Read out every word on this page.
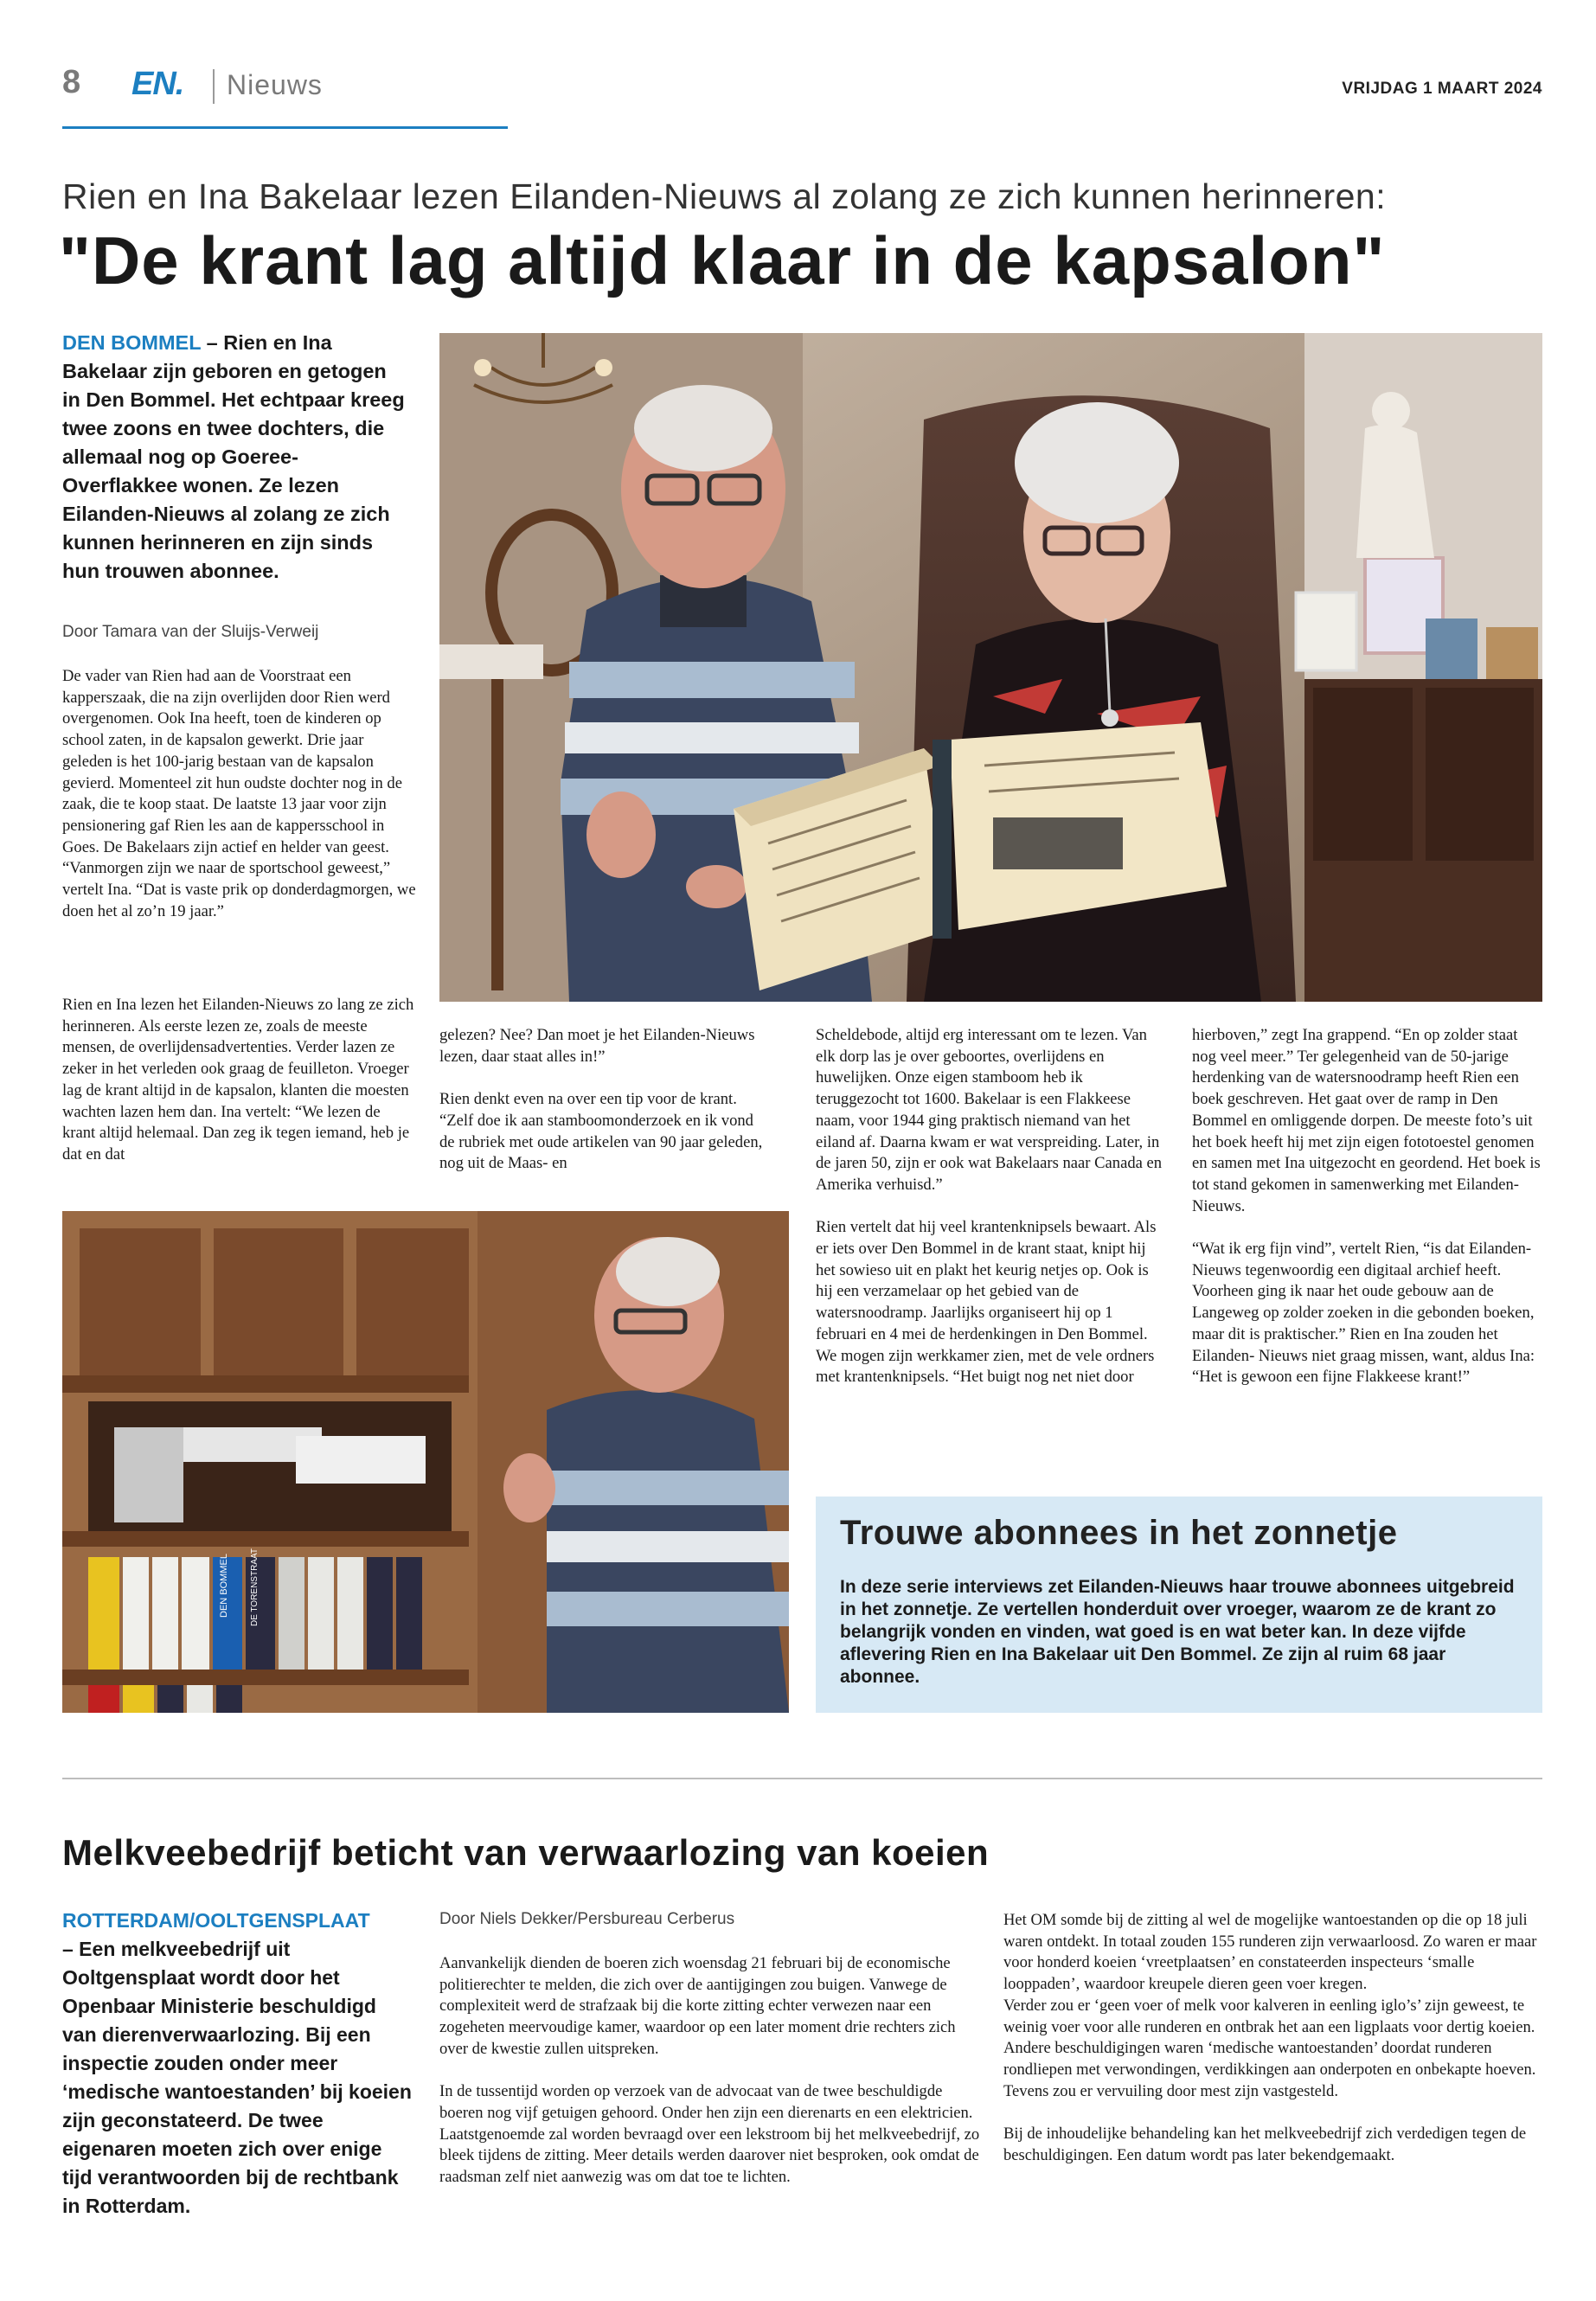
8 EN. Nieuws	VRIJDAG 1 MAART 2024
Rien en Ina Bakelaar lezen Eilanden-Nieuws al zolang ze zich kunnen herinneren:
"De krant lag altijd klaar in de kapsalon"
DEN BOMMEL – Rien en Ina Bakelaar zijn geboren en getogen in Den Bommel. Het echtpaar kreeg twee zoons en twee dochters, die allemaal nog op Goeree-Overflakkee wonen. Ze lezen Eilanden-Nieuws al zolang ze zich kunnen herinneren en zijn sinds hun trouwen abonnee.
Door Tamara van der Sluijs-Verweij

De vader van Rien had aan de Voorstraat een kapperszaak, die na zijn overlijden door Rien werd overgenomen. Ook Ina heeft, toen de kinderen op school zaten, in de kapsalon gewerkt. Drie jaar geleden is het 100-jarig bestaan van de kapsalon gevierd. Momenteel zit hun oudste dochter nog in de zaak, die te koop staat. De laatste 13 jaar voor zijn pensionering gaf Rien les aan de kappersschool in Goes. De Bakelaars zijn actief en helder van geest. “Vanmorgen zijn we naar de sportschool geweest,” vertelt Ina. “Dat is vaste prik op donderdagmorgen, we doen het al zo’n 19 jaar.”

Rien en Ina lezen het Eilanden-Nieuws zo lang ze zich herinneren. Als eerste lezen ze, zoals de meeste mensen, de overlijdensadvertenties. Verder lazen ze zeker in het verleden ook graag de feuilleton. Vroeger lag de krant altijd in de kapsalon, klanten die moesten wachten lazen hem dan. Ina vertelt: “We lezen de krant altijd helemaal. Dan zeg ik tegen iemand, heb je dat en dat

DEN BOMMEL DE TORENSTRAAT

gelezen? Nee? Dan moet je het Eilanden-Nieuws lezen, daar staat alles in!”

Rien denkt even na over een tip voor de krant. “Zelf doe ik aan stamboomonderzoek en ik vond de rubriek met oude artikelen van 90 jaar geleden, nog uit de Maas- en

Scheldebode, altijd erg interessant om te lezen. Van elk dorp las je over geboortes, overlijdens en huwelijken. Onze eigen stamboom heb ik teruggezocht tot 1600. Bakelaar is een Flakkeese naam, voor 1944 ging praktisch niemand van het eiland af. Daarna kwam er wat verspreiding. Later, in de jaren 50, zijn er ook wat Bakelaars naar Canada en Amerika verhuisd.”

Rien vertelt dat hij veel krantenknipsels bewaart. Als er iets over Den Bommel in de krant staat, knipt hij het sowieso uit en plakt het keurig netjes op. Ook is hij een verzamelaar op het gebied van de watersnoodramp. Jaarlijks organiseert hij op 1 februari en 4 mei de herdenkingen in Den Bommel. We mogen zijn werkkamer zien, met de vele ordners met krantenknipsels. “Het buigt nog net niet door

hierboven,” zegt Ina grappend. “En op zolder staat nog veel meer.” Ter gelegenheid van de 50-jarige herdenking van de watersnoodramp heeft Rien een boek geschreven. Het gaat over de ramp in Den Bommel en omliggende dorpen. De meeste foto’s uit het boek heeft hij met zijn eigen fototoestel genomen en samen met Ina uitgezocht en geordend. Het boek is tot stand gekomen in samenwerking met Eilanden-Nieuws.

“Wat ik erg fijn vind”, vertelt Rien, “is dat Eilanden-Nieuws tegenwoordig een digitaal archief heeft. Voorheen ging ik naar het oude gebouw aan de Langeweg op zolder zoeken in die gebonden boeken, maar dit is praktischer.” Rien en Ina zouden het Eilanden- Nieuws niet graag missen, want, aldus Ina: “Het is gewoon een fijne Flakkeese krant!”

Trouwe abonnees in het zonnetje
In deze serie interviews zet Eilanden-Nieuws haar trouwe abonnees uitgebreid in het zonnetje. Ze vertellen honderduit over vroeger, waarom ze de krant zo belangrijk vonden en vinden, wat goed is en wat beter kan. In deze vijfde aflevering Rien en Ina Bakelaar uit Den Bommel. Ze zijn al ruim 68 jaar abonnee.
Melkveebedrijf beticht van verwaarlozing van koeien
ROTTERDAM/OOLTGENSPLAAT
– Een melkveebedrijf uit Ooltgensplaat wordt door het Openbaar Ministerie beschuldigd van dierenverwaarlozing. Bij een inspectie zouden onder meer ‘medische wantoestanden’ bij koeien zijn geconstateerd. De twee eigenaren moeten zich over enige tijd verantwoorden bij de rechtbank in Rotterdam.
Door Niels Dekker/Persbureau Cerberus

Aanvankelijk dienden de boeren zich woensdag 21 februari bij de economische politierechter te melden, die zich over de aantijgingen zou buigen. Vanwege de complexiteit werd de strafzaak bij die korte zitting echter verwezen naar een zogeheten meervoudige kamer, waardoor op een later moment drie rechters zich over de kwestie zullen uitspreken.

In de tussentijd worden op verzoek van de advocaat van de twee beschuldigde boeren nog vijf getuigen gehoord. Onder hen zijn een dierenarts en een elektricien. Laatstgenoemde zal worden bevraagd over een lekstroom bij het melkveebedrijf, zo bleek tijdens de zitting. Meer details werden daarover niet besproken, ook omdat de raadsman zelf niet aanwezig was om dat toe te lichten.

Het OM somde bij de zitting al wel de mogelijke wantoestanden op die op 18 juli waren ontdekt. In totaal zouden 155 runderen zijn verwaarloosd. Zo waren er maar voor honderd koeien ‘vreetplaatsen’ en constateerden inspecteurs ‘smalle looppaden’, waardoor kreupele dieren geen voer kregen.

Verder zou er ‘geen voer of melk voor kalveren in eenling iglo’s’ zijn geweest, te weinig voer voor alle runderen en ontbrak het aan een ligplaats voor dertig koeien. Andere beschuldigingen waren ‘medische wantoestanden’ doordat runderen rondliepen met verwondingen, verdikkingen aan onderpoten en onbekapte hoeven. Tevens zou er vervuiling door mest zijn vastgesteld.

Bij de inhoudelijke behandeling kan het melkveebedrijf zich verdedigen tegen de beschuldigingen. Een datum wordt pas later bekendgemaakt.
